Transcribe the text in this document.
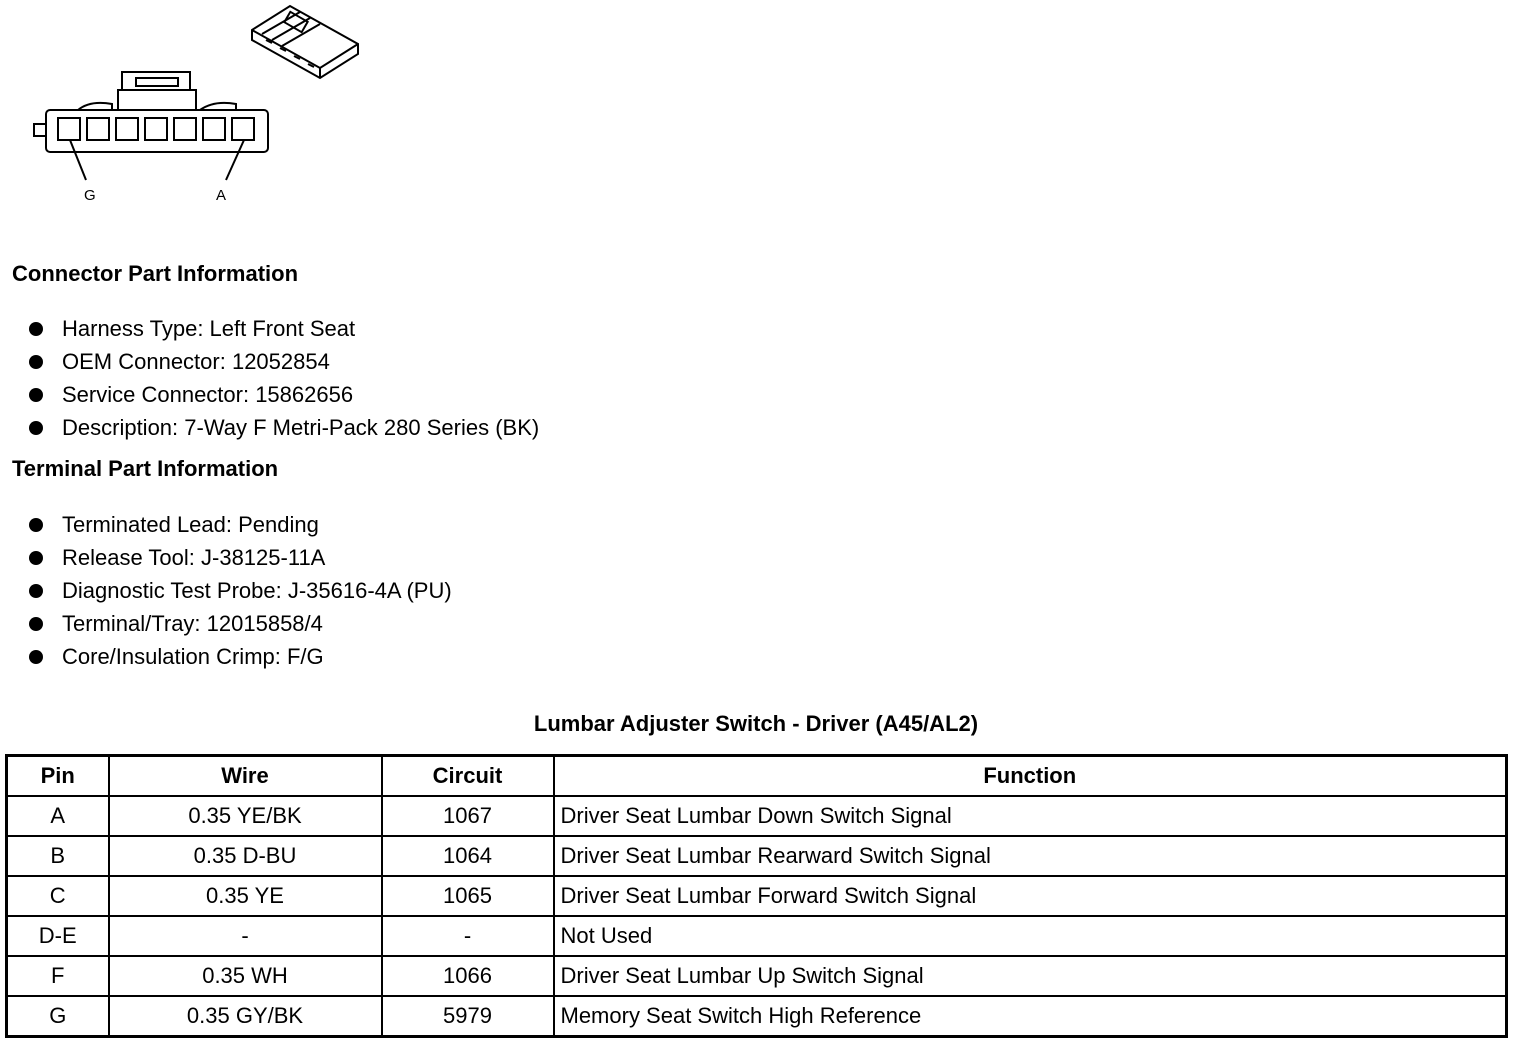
G	A
Connector Part Information
Harness Type: Left Front Seat
OEM Connector: 12052854
Service Connector: 15862656
Description: 7-Way F Metri-Pack 280 Series (BK)
Terminal Part Information
Terminated Lead: Pending
Release Tool: J-38125-11A
Diagnostic Test Probe: J-35616-4A (PU)
Terminal/Tray: 12015858/4
Core/Insulation Crimp: F/G
Lumbar Adjuster Switch - Driver (A45/AL2)
Pin	Wire	Circuit	Function
A	0.35 YE/BK	1067	Driver Seat Lumbar Down Switch Signal
B	0.35 D-BU	1064	Driver Seat Lumbar Rearward Switch Signal
C	0.35 YE	1065	Driver Seat Lumbar Forward Switch Signal
D-E	-	-	Not Used
F	0.35 WH	1066	Driver Seat Lumbar Up Switch Signal
G	0.35 GY/BK	5979	Memory Seat Switch High Reference
